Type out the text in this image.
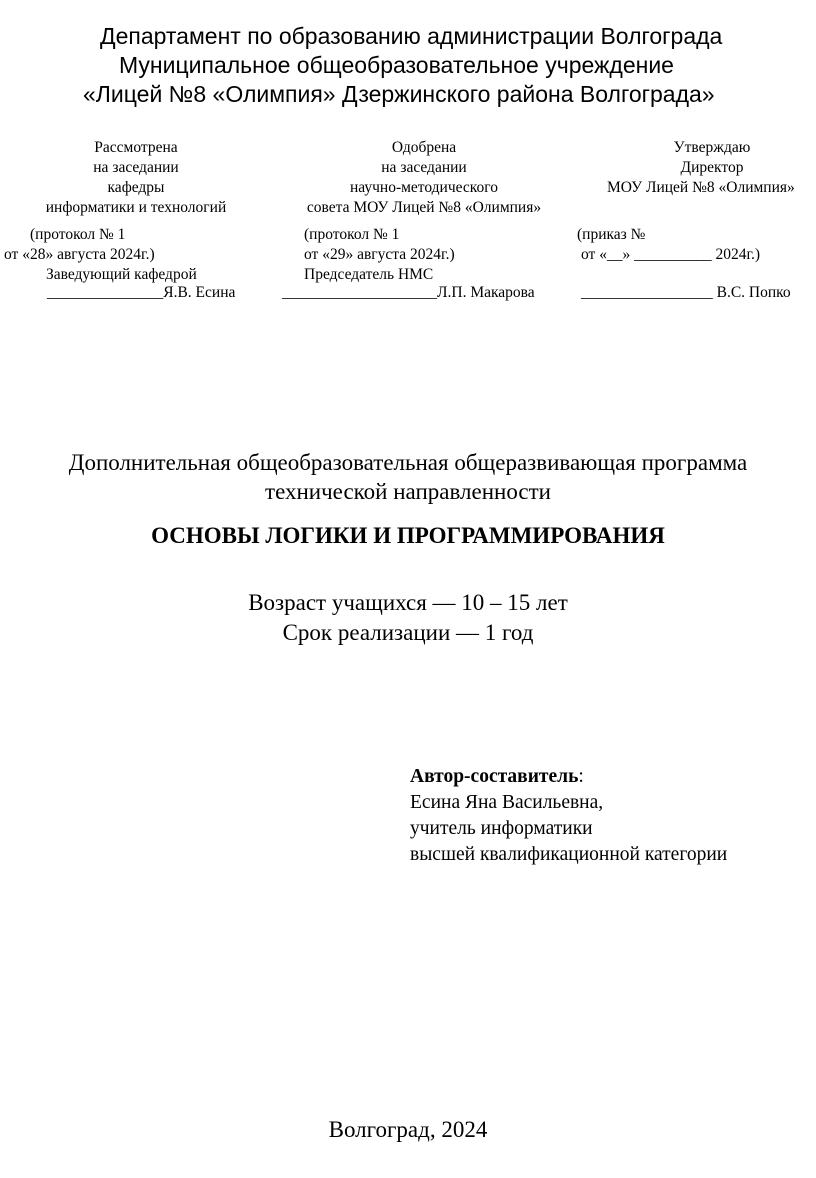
Департамент по образованию администрации Волгограда
Муниципальное общеобразовательное учреждение
«Лицей №8 «Олимпия» Дзержинского района Волгограда»
Рассмотрена
на заседании
кафедры
информатики и технологий
(протокол № 1
от «28» августа 2024г.)
Заведующий кафедрой
Одобрена
на заседании
научно-методического
совета МОУ Лицей №8 «Олимпия»
(протокол № 1
от «29» августа 2024г.)
Председатель НМС
Утверждаю
Директор
МОУ Лицей №8 «Олимпия»

(приказ №
от «__» __________ 2024г.)
_______________Я.В. Есина	____________________Л.П. Макарова	_________________ В.С. Попко
Дополнительная общеобразовательная общеразвивающая программа
технической направленности
ОСНОВЫ ЛОГИКИ И ПРОГРАММИРОВАНИЯ
Возраст учащихся — 10 – 15 лет
Срок реализации — 1 год
Автор-составитель:
Есина Яна Васильевна,
учитель информатики
высшей квалификационной категории
Волгоград, 2024
